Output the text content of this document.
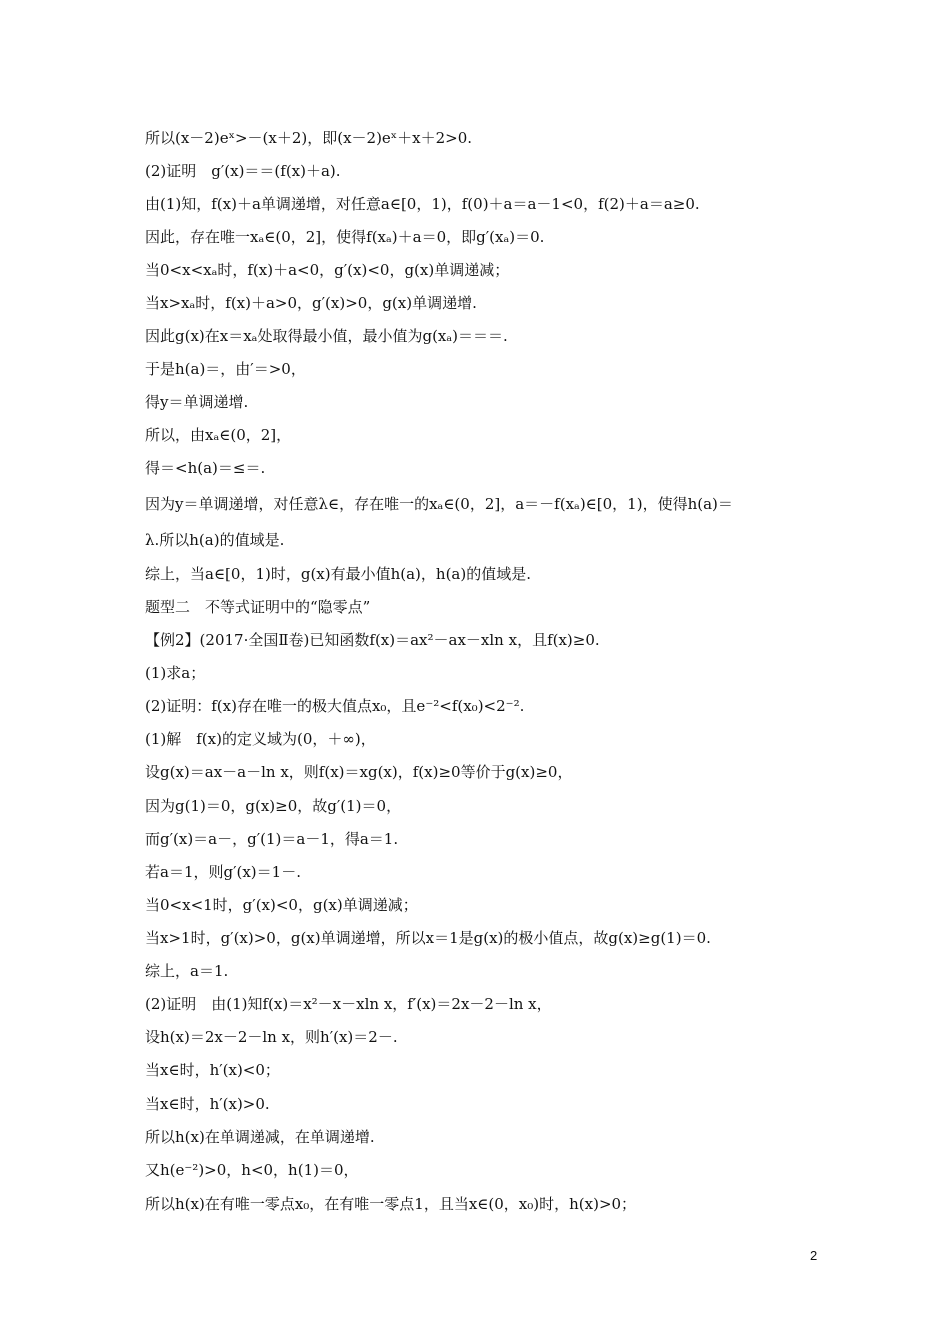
所以(x－2)eˣ>－(x＋2)，即(x－2)eˣ＋x＋2>0.
(2)证明　g′(x)＝＝(f(x)＋a).
由(1)知，f(x)＋a单调递增，对任意a∈[0，1)，f(0)＋a＝a－1<0，f(2)＋a＝a≥0.
因此，存在唯一xₐ∈(0，2]，使得f(xₐ)＋a＝0，即g′(xₐ)＝0.
当0<x<xₐ时，f(x)＋a<0，g′(x)<0，g(x)单调递减；
当x>xₐ时，f(x)＋a>0，g′(x)>0，g(x)单调递增.
因此g(x)在x＝xₐ处取得最小值，最小值为g(xₐ)＝＝＝.
于是h(a)＝，由′＝>0，
得y＝单调递增.
所以，由xₐ∈(0，2]，
得＝<h(a)＝≤＝.
因为y＝单调递增，对任意λ∈，存在唯一的xₐ∈(0，2]，a＝－f(xₐ)∈[0，1)，使得h(a)＝
λ.所以h(a)的值域是.
综上，当a∈[0，1)时，g(x)有最小值h(a)，h(a)的值域是.
题型二　不等式证明中的“隐零点”
【例2】(2017·全国Ⅱ卷)已知函数f(x)＝ax²－ax－xln x，且f(x)≥0.
(1)求a；
(2)证明：f(x)存在唯一的极大值点x₀，且e⁻²<f(x₀)<2⁻².
(1)解　f(x)的定义域为(0，＋∞)，
设g(x)＝ax－a－ln x，则f(x)＝xg(x)，f(x)≥0等价于g(x)≥0，
因为g(1)＝0，g(x)≥0，故g′(1)＝0，
而g′(x)＝a－，g′(1)＝a－1，得a＝1.
若a＝1，则g′(x)＝1－.
当0<x<1时，g′(x)<0，g(x)单调递减；
当x>1时，g′(x)>0，g(x)单调递增，所以x＝1是g(x)的极小值点，故g(x)≥g(1)＝0.
综上，a＝1.
(2)证明　由(1)知f(x)＝x²－x－xln x，f′(x)＝2x－2－ln x，
设h(x)＝2x－2－ln x，则h′(x)＝2－.
当x∈时，h′(x)<0；
当x∈时，h′(x)>0.
所以h(x)在单调递减，在单调递增.
又h(e⁻²)>0，h<0，h(1)＝0，
所以h(x)在有唯一零点x₀，在有唯一零点1，且当x∈(0，x₀)时，h(x)>0；
2
